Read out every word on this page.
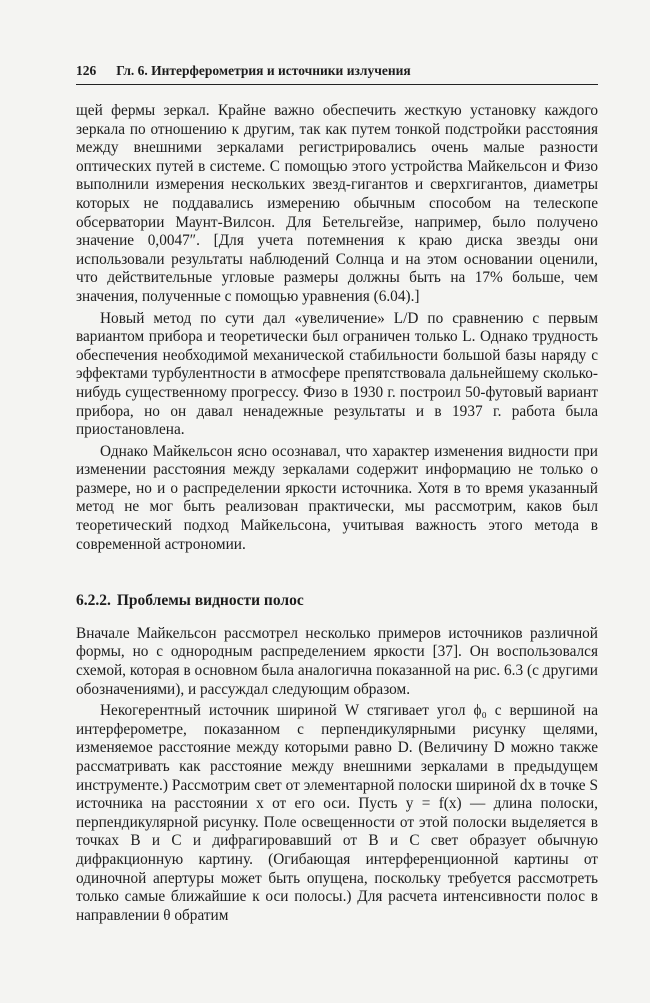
126 Гл. 6. Интерферометрия и источники излучения

щей фермы зеркал. Крайне важно обеспечить жесткую установку каждого зеркала по отношению к другим, так как путем тонкой подстройки расстояния между внешними зеркалами регистрировались очень малые разности оптических путей в системе. С помощью этого устройства Майкельсон и Физо выполнили измерения нескольких звезд-гигантов и сверхгигантов, диаметры которых не поддавались измерению обычным способом на телескопе обсерватории Маунт-Вилсон. Для Бетельгейзе, например, было получено значение 0,0047″. [Для учета потемнения к краю диска звезды они использовали результаты наблюдений Солнца и на этом основании оценили, что действительные угловые размеры должны быть на 17% больше, чем значения, полученные с помощью уравнения (6.04).]

Новый метод по сути дал «увеличение» L/D по сравнению с первым вариантом прибора и теоретически был ограничен только L. Однако трудность обеспечения необходимой механической стабильности большой базы наряду с эффектами турбулентности в атмосфере препятствовала дальнейшему сколько-нибудь существенному прогрессу. Физо в 1930 г. построил 50-футовый вариант прибора, но он давал ненадежные результаты и в 1937 г. работа была приостановлена.

Однако Майкельсон ясно осознавал, что характер изменения видности при изменении расстояния между зеркалами содержит информацию не только о размере, но и о распределении яркости источника. Хотя в то время указанный метод не мог быть реализован практически, мы рассмотрим, каков был теоретический подход Майкельсона, учитывая важность этого метода в современной астрономии.

6.2.2. Проблемы видности полос

Вначале Майкельсон рассмотрел несколько примеров источников различной формы, но с однородным распределением яркости [37]. Он воспользовался схемой, которая в основном была аналогична показанной на рис. 6.3 (с другими обозначениями), и рассуждал следующим образом.

Некогерентный источник шириной W стягивает угол ϕ₀ с вершиной на интерферометре, показанном с перпендикулярными рисунку щелями, изменяемое расстояние между которыми равно D. (Величину D можно также рассматривать как расстояние между внешними зеркалами в предыдущем инструменте.) Рассмотрим свет от элементарной полоски шириной dx в точке S источника на расстоянии x от его оси. Пусть y = f(x) — длина полоски, перпендикулярной рисунку. Поле освещенности от этой полоски выделяется в точках B и C и дифрагировавший от B и C свет образует обычную дифракционную картину. (Огибающая интерференционной картины от одиночной апертуры может быть опущена, поскольку требуется рассмотреть только самые ближайшие к оси полосы.) Для расчета интенсивности полос в направлении θ обратим
